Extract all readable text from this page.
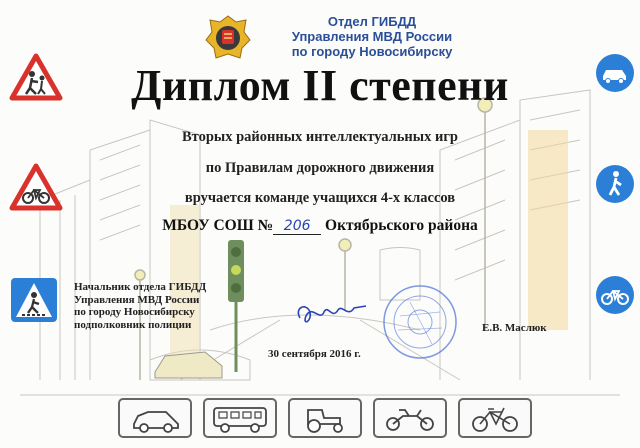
Отдел ГИБДД
Управления МВД России
по городу Новосибирску
Диплом II степени
Вторых районных интеллектуальных игр
по Правилам дорожного движения
вручается команде учащихся 4-х классов
МБОУ СОШ № 206 Октябрьского района
Начальник отдела ГИБДД
Управления МВД России
по городу Новосибирску
подполковник полиции	Е.В. Маслюк
30 сентября 2016 г.
